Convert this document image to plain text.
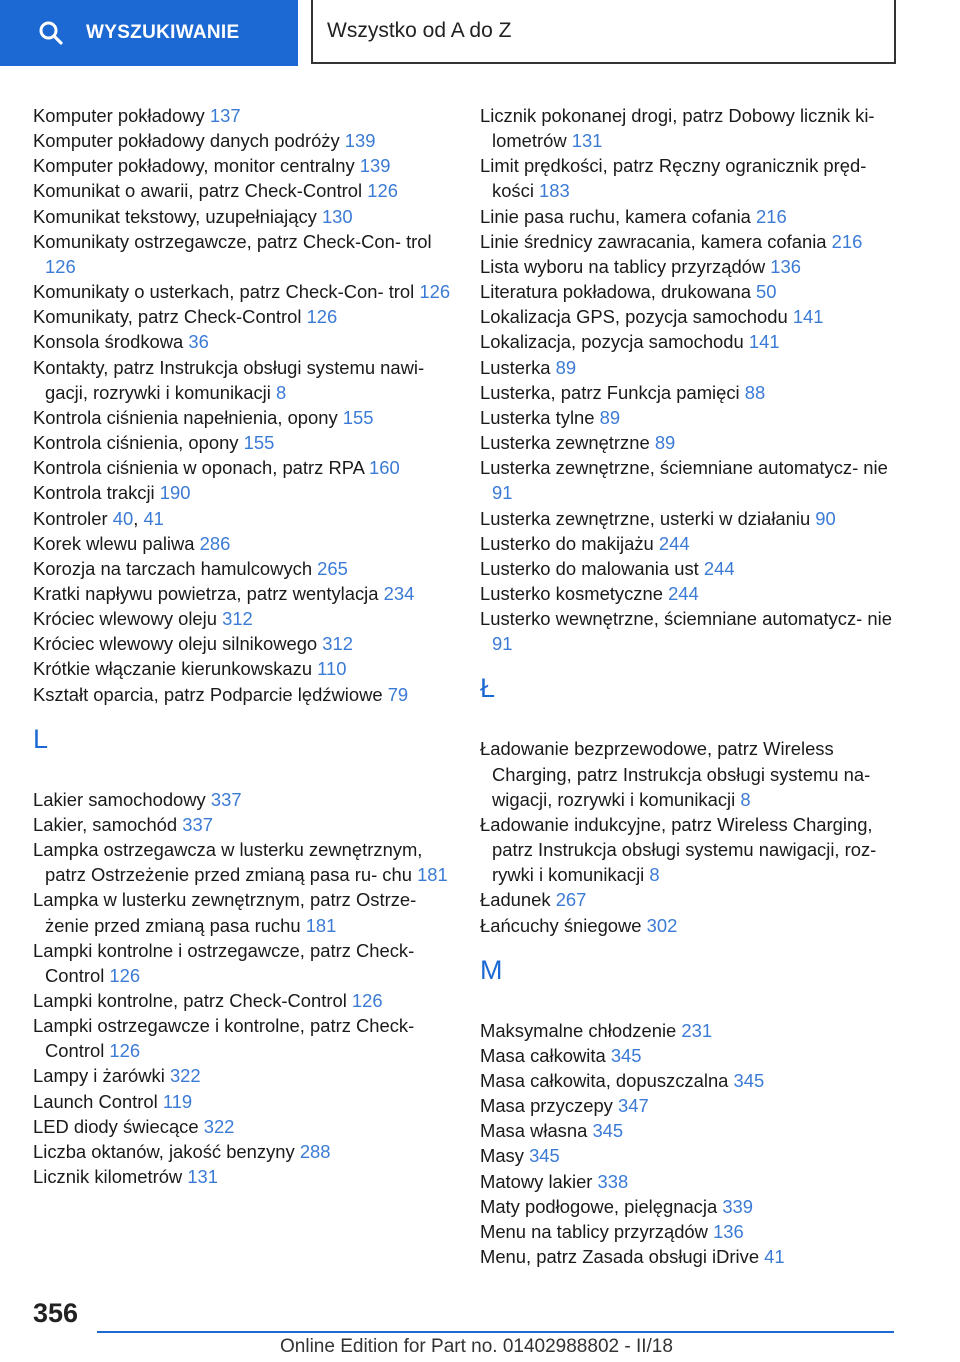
WYSZUKIWANIE	Wszystko od A do Z
Komputer pokładowy 137
Komputer pokładowy danych podróży 139
Komputer pokładowy, monitor centralny 139
Komunikat o awarii, patrz Check-Control 126
Komunikat tekstowy, uzupełniający 130
Komunikaty ostrzegawcze, patrz Check-Con‐ trol 126
Komunikaty o usterkach, patrz Check-Con‐ trol 126
Komunikaty, patrz Check-Control 126
Konsola środkowa 36
Kontakty, patrz Instrukcja obsługi systemu nawi‐ gacji, rozrywki i komunikacji 8
Kontrola ciśnienia napełnienia, opony 155
Kontrola ciśnienia, opony 155
Kontrola ciśnienia w oponach, patrz RPA 160
Kontrola trakcji 190
Kontroler 40, 41
Korek wlewu paliwa 286
Korozja na tarczach hamulcowych 265
Kratki napływu powietrza, patrz wentylacja 234
Króciec wlewowy oleju 312
Króciec wlewowy oleju silnikowego 312
Krótkie włączanie kierunkowskazu 110
Kształt oparcia, patrz Podparcie lędźwiowe 79
L
Lakier samochodowy 337
Lakier, samochód 337
Lampka ostrzegawcza w lusterku zewnętrznym, patrz Ostrzeżenie przed zmianą pasa ru‐ chu 181
Lampka w lusterku zewnętrznym, patrz Ostrze‐ żenie przed zmianą pasa ruchu 181
Lampki kontrolne i ostrzegawcze, patrz Check- Control 126
Lampki kontrolne, patrz Check-Control 126
Lampki ostrzegawcze i kontrolne, patrz Check- Control 126
Lampy i żarówki 322
Launch Control 119
LED diody świecące 322
Liczba oktanów, jakość benzyny 288
Licznik kilometrów 131
Licznik pokonanej drogi, patrz Dobowy licznik ki‐ lometrów 131
Limit prędkości, patrz Ręczny ogranicznik pręd‐ kości 183
Linie pasa ruchu, kamera cofania 216
Linie średnicy zawracania, kamera cofania 216
Lista wyboru na tablicy przyrządów 136
Literatura pokładowa, drukowana 50
Lokalizacja GPS, pozycja samochodu 141
Lokalizacja, pozycja samochodu 141
Lusterka 89
Lusterka, patrz Funkcja pamięci 88
Lusterka tylne 89
Lusterka zewnętrzne 89
Lusterka zewnętrzne, ściemniane automatycz‐ nie 91
Lusterka zewnętrzne, usterki w działaniu 90
Lusterko do makijażu 244
Lusterko do malowania ust 244
Lusterko kosmetyczne 244
Lusterko wewnętrzne, ściemniane automatycz‐ nie 91
Ł
Ładowanie bezprzewodowe, patrz Wireless Charging, patrz Instrukcja obsługi systemu na‐ wigacji, rozrywki i komunikacji 8
Ładowanie indukcyjne, patrz Wireless Charging, patrz Instrukcja obsługi systemu nawigacji, roz‐ rywki i komunikacji 8
Ładunek 267
Łańcuchy śniegowe 302
M
Maksymalne chłodzenie 231
Masa całkowita 345
Masa całkowita, dopuszczalna 345
Masa przyczepy 347
Masa własna 345
Masy 345
Matowy lakier 338
Maty podłogowe, pielęgnacja 339
Menu na tablicy przyrządów 136
Menu, patrz Zasada obsługi iDrive 41
356
Online Edition for Part no. 01402988802 - II/18
